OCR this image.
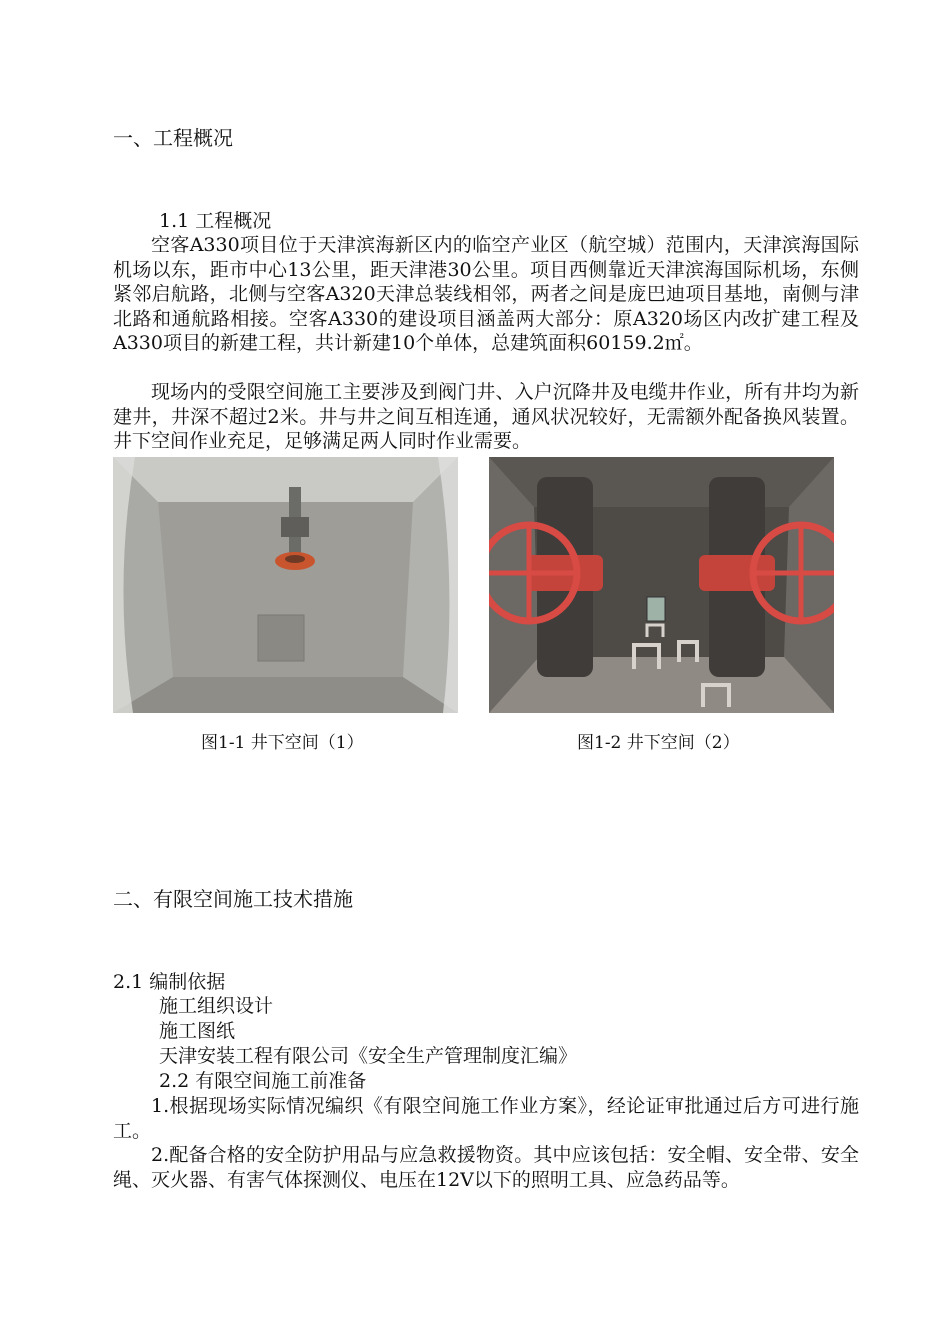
一、工程概况
1.1 工程概况

空客A330项目位于天津滨海新区内的临空产业区（航空城）范围内，天津滨海国际机场以东，距市中心13公里，距天津港30公里。项目西侧靠近天津滨海国际机场，东侧紧邻启航路，北侧与空客A320天津总装线相邻，两者之间是庞巴迪项目基地，南侧与津北路和通航路相接。空客A330的建设项目涵盖两大部分：原A320场区内改扩建工程及A330项目的新建工程，共计新建10个单体，总建筑面积60159.2㎡。

现场内的受限空间施工主要涉及到阀门井、入户沉降井及电缆井作业，所有井均为新建井，井深不超过2米。井与井之间互相连通，通风状况较好，无需额外配备换风装置。井下空间作业充足，足够满足两人同时作业需要。

图1-1 井下空间（1）	图1-2 井下空间（2）
二、有限空间施工技术措施
2.1 编制依据
施工组织设计
施工图纸
天津安装工程有限公司《安全生产管理制度汇编》
2.2 有限空间施工前准备

1.根据现场实际情况编织《有限空间施工作业方案》，经论证审批通过后方可进行施工。

2.配备合格的安全防护用品与应急救援物资。其中应该包括：安全帽、安全带、安全绳、灭火器、有害气体探测仪、电压在12V以下的照明工具、应急药品等。
